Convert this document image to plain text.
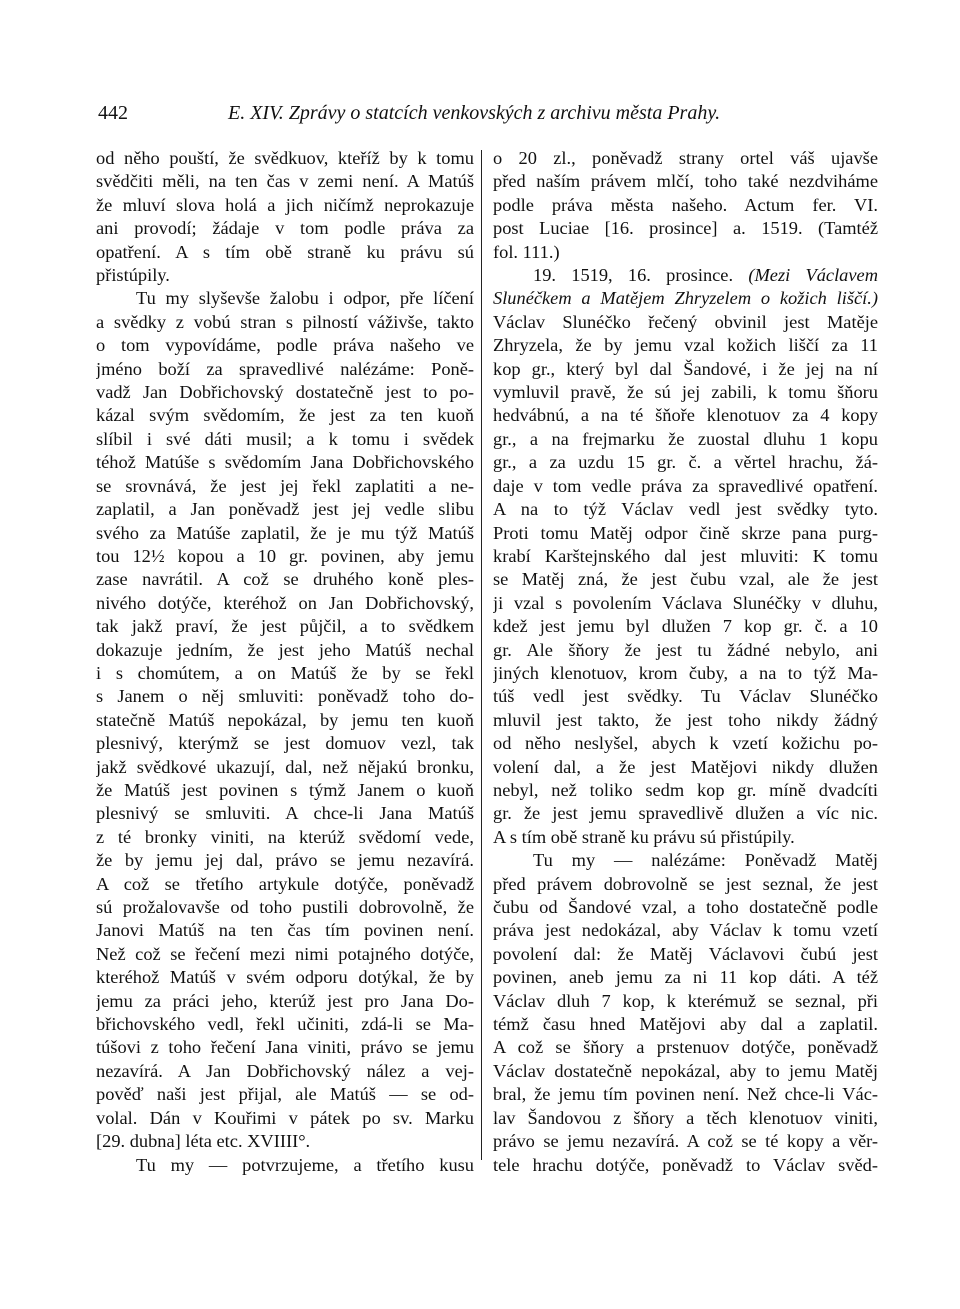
442	E. XIV. Zprávy o statcích venkovských z archivu města Prahy.
od něho pouští, že svědkuov, kteříž by k tomu
svědčiti měli, na ten čas v zemi není. A Matúš
že mluví slova holá a jich ničímž neprokazuje
ani provodí; žádaje v tom podle práva za
opatření. A s tím obě straně ku právu sú
přistúpily.
Tu my slyševše žalobu i odpor, pře líčení
a svědky z vobú stran s pilností váživše, takto
o tom vypovídáme, podle práva našeho ve
jméno boží za spravedlivé nalézáme: Poně-
vadž Jan Dobřichovský dostatečně jest to po-
kázal svým svědomím, že jest za ten kuoň
slíbil i své dáti musil; a k tomu i svědek
téhož Matúše s svědomím Jana Dobřichovského
se srovnává, že jest jej řekl zaplatiti a ne-
zaplatil, a Jan poněvadž jest jej vedle slibu
svého za Matúše zaplatil, že je mu týž Matúš
tou 12½ kopou a 10 gr. povinen, aby jemu
zase navrátil. A což se druhého koně ples-
nivého dotýče, kteréhož on Jan Dobřichovský,
tak jakž praví, že jest půjčil, a to svědkem
dokazuje jedním, že jest jeho Matúš nechal
i s chomútem, a on Matúš že by se řekl
s Janem o něj smluviti: poněvadž toho do-
statečně Matúš nepokázal, by jemu ten kuoň
plesnivý, kterýmž se jest domuov vezl, tak
jakž svědkové ukazují, dal, než nějakú bronku,
že Matúš jest povinen s týmž Janem o kuoň
plesnivý se smluviti. A chce-li Jana Matúš
z té bronky viniti, na kterúž svědomí vede,
že by jemu jej dal, právo se jemu nezavírá.
A což se třetího artykule dotýče, poněvadž
sú prožalovavše od toho pustili dobrovolně, že
Janovi Matúš na ten čas tím povinen není.
Než což se řečení mezi nimi potajného dotýče,
kteréhož Matúš v svém odporu dotýkal, že by
jemu za práci jeho, kterúž jest pro Jana Do-
břichovského vedl, řekl učiniti, zdá-li se Ma-
túšovi z toho řečení Jana viniti, právo se jemu
nezavírá. A Jan Dobřichovský nález a vej-
pověď naši jest přijal, ale Matúš — se od-
volal. Dán v Kouřimi v pátek po sv. Marku
[29. dubna] léta etc. XVIIII°.
Tu my — potvrzujeme, a třetího kusu
o 20 zl., poněvadž strany ortel váš ujavše
před naším právem mlčí, toho také nezdvihámе
podle práva města našeho. Actum fer. VI.
post Luciae [16. prosince] a. 1519. (Tamtéž
fol. 111.)
19. 1519, 16. prosince. (Mezi Václavem
Slunéčkem a Matějem Zhryzelem o kožich liščí.)
Václav Slunéčko řečený obvinil jest Matěje
Zhryzela, že by jemu vzal kožich liščí za 11
kop gr., který byl dal Šandové, i že jej na ní
vymluvil pravě, že sú jej zabili, k tomu šňoru
hedvábnú, a na té šňoře klenotuov za 4 kopy
gr., a na frejmarku že zuostal dluhu 1 kopu
gr., a za uzdu 15 gr. č. a věrtel hrachu, žá-
daje v tom vedle práva za spravedlivé opatření.
A na to týž Václav vedl jest svědky tyto.
Proti tomu Matěj odpor čině skrze pana purg-
krabí Karštejnského dal jest mluviti: K tomu
se Matěj zná, že jest čubu vzal, ale že jest
ji vzal s povolením Václava Slunéčky v dluhu,
kdež jest jemu byl dlužen 7 kop gr. č. a 10
gr. Ale šňory že jest tu žádné nebylo, ani
jiných klenotuov, krom čuby, a na to týž Ma-
túš vedl jest svědky. Tu Václav Slunéčko
mluvil jest takto, že jest toho nikdy žádný
od něho neslyšel, abych k vzetí kožichu po-
volení dal, a že jest Matějovi nikdy dlužen
nebyl, než toliko sedm kop gr. míně dvadcíti
gr. že jest jemu spravedlivě dlužen a víc nic.
A s tím obě straně ku právu sú přistúpily.
Tu my — nalézáme: Poněvadž Matěj
před právem dobrovolně se jest seznal, že jest
čubu od Šandové vzal, a toho dostatečně podle
práva jest nedokázal, aby Václav k tomu vzetí
povolení dal: že Matěj Václavovi čubú jest
povinen, aneb jemu za ni 11 kop dáti. A též
Václav dluh 7 kop, k kterémuž se seznal, při
témž času hned Matějovi aby dal a zaplatil.
A což se šňory a prstenuov dotýče, poněvadž
Václav dostatečně nepokázal, aby to jemu Matěj
bral, že jemu tím povinen není. Než chce-li Vác-
lav Šandovou z šňory a těch klenotuov viniti,
právo se jemu nezavírá. A což se té kopy a věr-
tele hrachu dotýče, poněvadž to Václav svěd-
